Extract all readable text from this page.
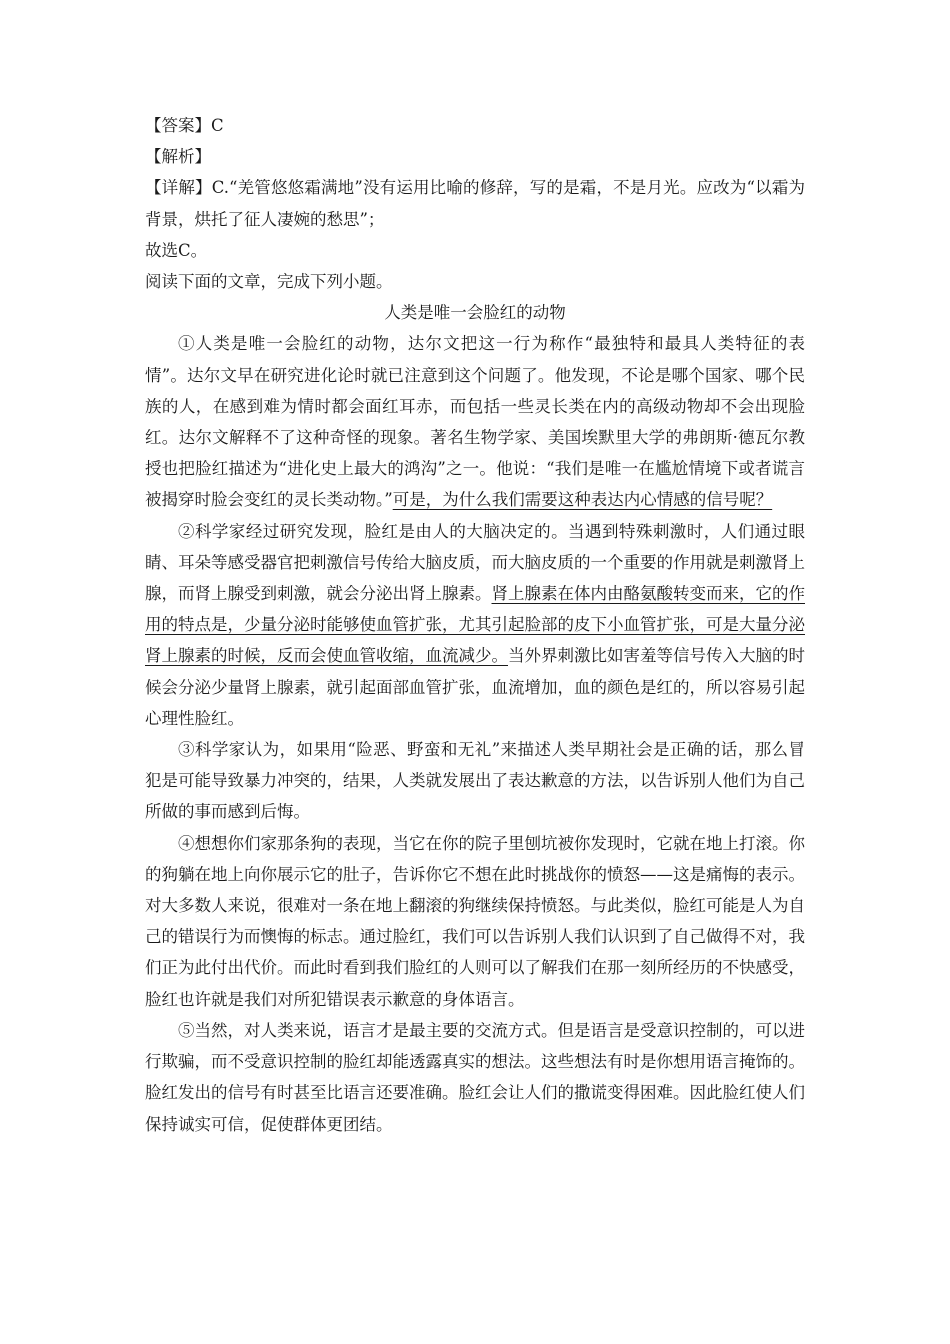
【答案】C
【解析】

【详解】C.“羌管悠悠霜满地”没有运用比喻的修辞，写的是霜，不是月光。应改为“以霜为背景，烘托了征人凄婉的愁思”；

故选C。
阅读下面的文章，完成下列小题。
人类是唯一会脸红的动物

①人类是唯一会脸红的动物，达尔文把这一行为称作“最独特和最具人类特征的表情”。达尔文早在研究进化论时就已注意到这个问题了。他发现，不论是哪个国家、哪个民族的人，在感到难为情时都会面红耳赤，而包括一些灵长类在内的高级动物却不会出现脸红。达尔文解释不了这种奇怪的现象。著名生物学家、美国埃默里大学的弗朗斯·德瓦尔教授也把脸红描述为“进化史上最大的鸿沟”之一。他说：“我们是唯一在尴尬情境下或者谎言被揭穿时脸会变红的灵长类动物。”可是，为什么我们需要这种表达内心情感的信号呢？

②科学家经过研究发现，脸红是由人的大脑决定的。当遇到特殊刺激时，人们通过眼睛、耳朵等感受器官把刺激信号传给大脑皮质，而大脑皮质的一个重要的作用就是刺激肾上腺，而肾上腺受到刺激，就会分泌出肾上腺素。肾上腺素在体内由酪氨酸转变而来，它的作用的特点是，少量分泌时能够使血管扩张，尤其引起脸部的皮下小血管扩张，可是大量分泌肾上腺素的时候，反而会使血管收缩，血流减少。当外界刺激比如害羞等信号传入大脑的时候会分泌少量肾上腺素，就引起面部血管扩张，血流增加，血的颜色是红的，所以容易引起心理性脸红。

③科学家认为，如果用“险恶、野蛮和无礼”来描述人类早期社会是正确的话，那么冒犯是可能导致暴力冲突的，结果，人类就发展出了表达歉意的方法，以告诉别人他们为自己所做的事而感到后悔。

④想想你们家那条狗的表现，当它在你的院子里刨坑被你发现时，它就在地上打滚。你的狗躺在地上向你展示它的肚子，告诉你它不想在此时挑战你的愤怒——这是痛悔的表示。对大多数人来说，很难对一条在地上翻滚的狗继续保持愤怒。与此类似，脸红可能是人为自己的错误行为而懊悔的标志。通过脸红，我们可以告诉别人我们认识到了自己做得不对，我们正为此付出代价。而此时看到我们脸红的人则可以了解我们在那一刻所经历的不快感受，脸红也许就是我们对所犯错误表示歉意的身体语言。

⑤当然，对人类来说，语言才是最主要的交流方式。但是语言是受意识控制的，可以进行欺骗，而不受意识控制的脸红却能透露真实的想法。这些想法有时是你想用语言掩饰的。脸红发出的信号有时甚至比语言还要准确。脸红会让人们的撒谎变得困难。因此脸红使人们保持诚实可信，促使群体更团结。
